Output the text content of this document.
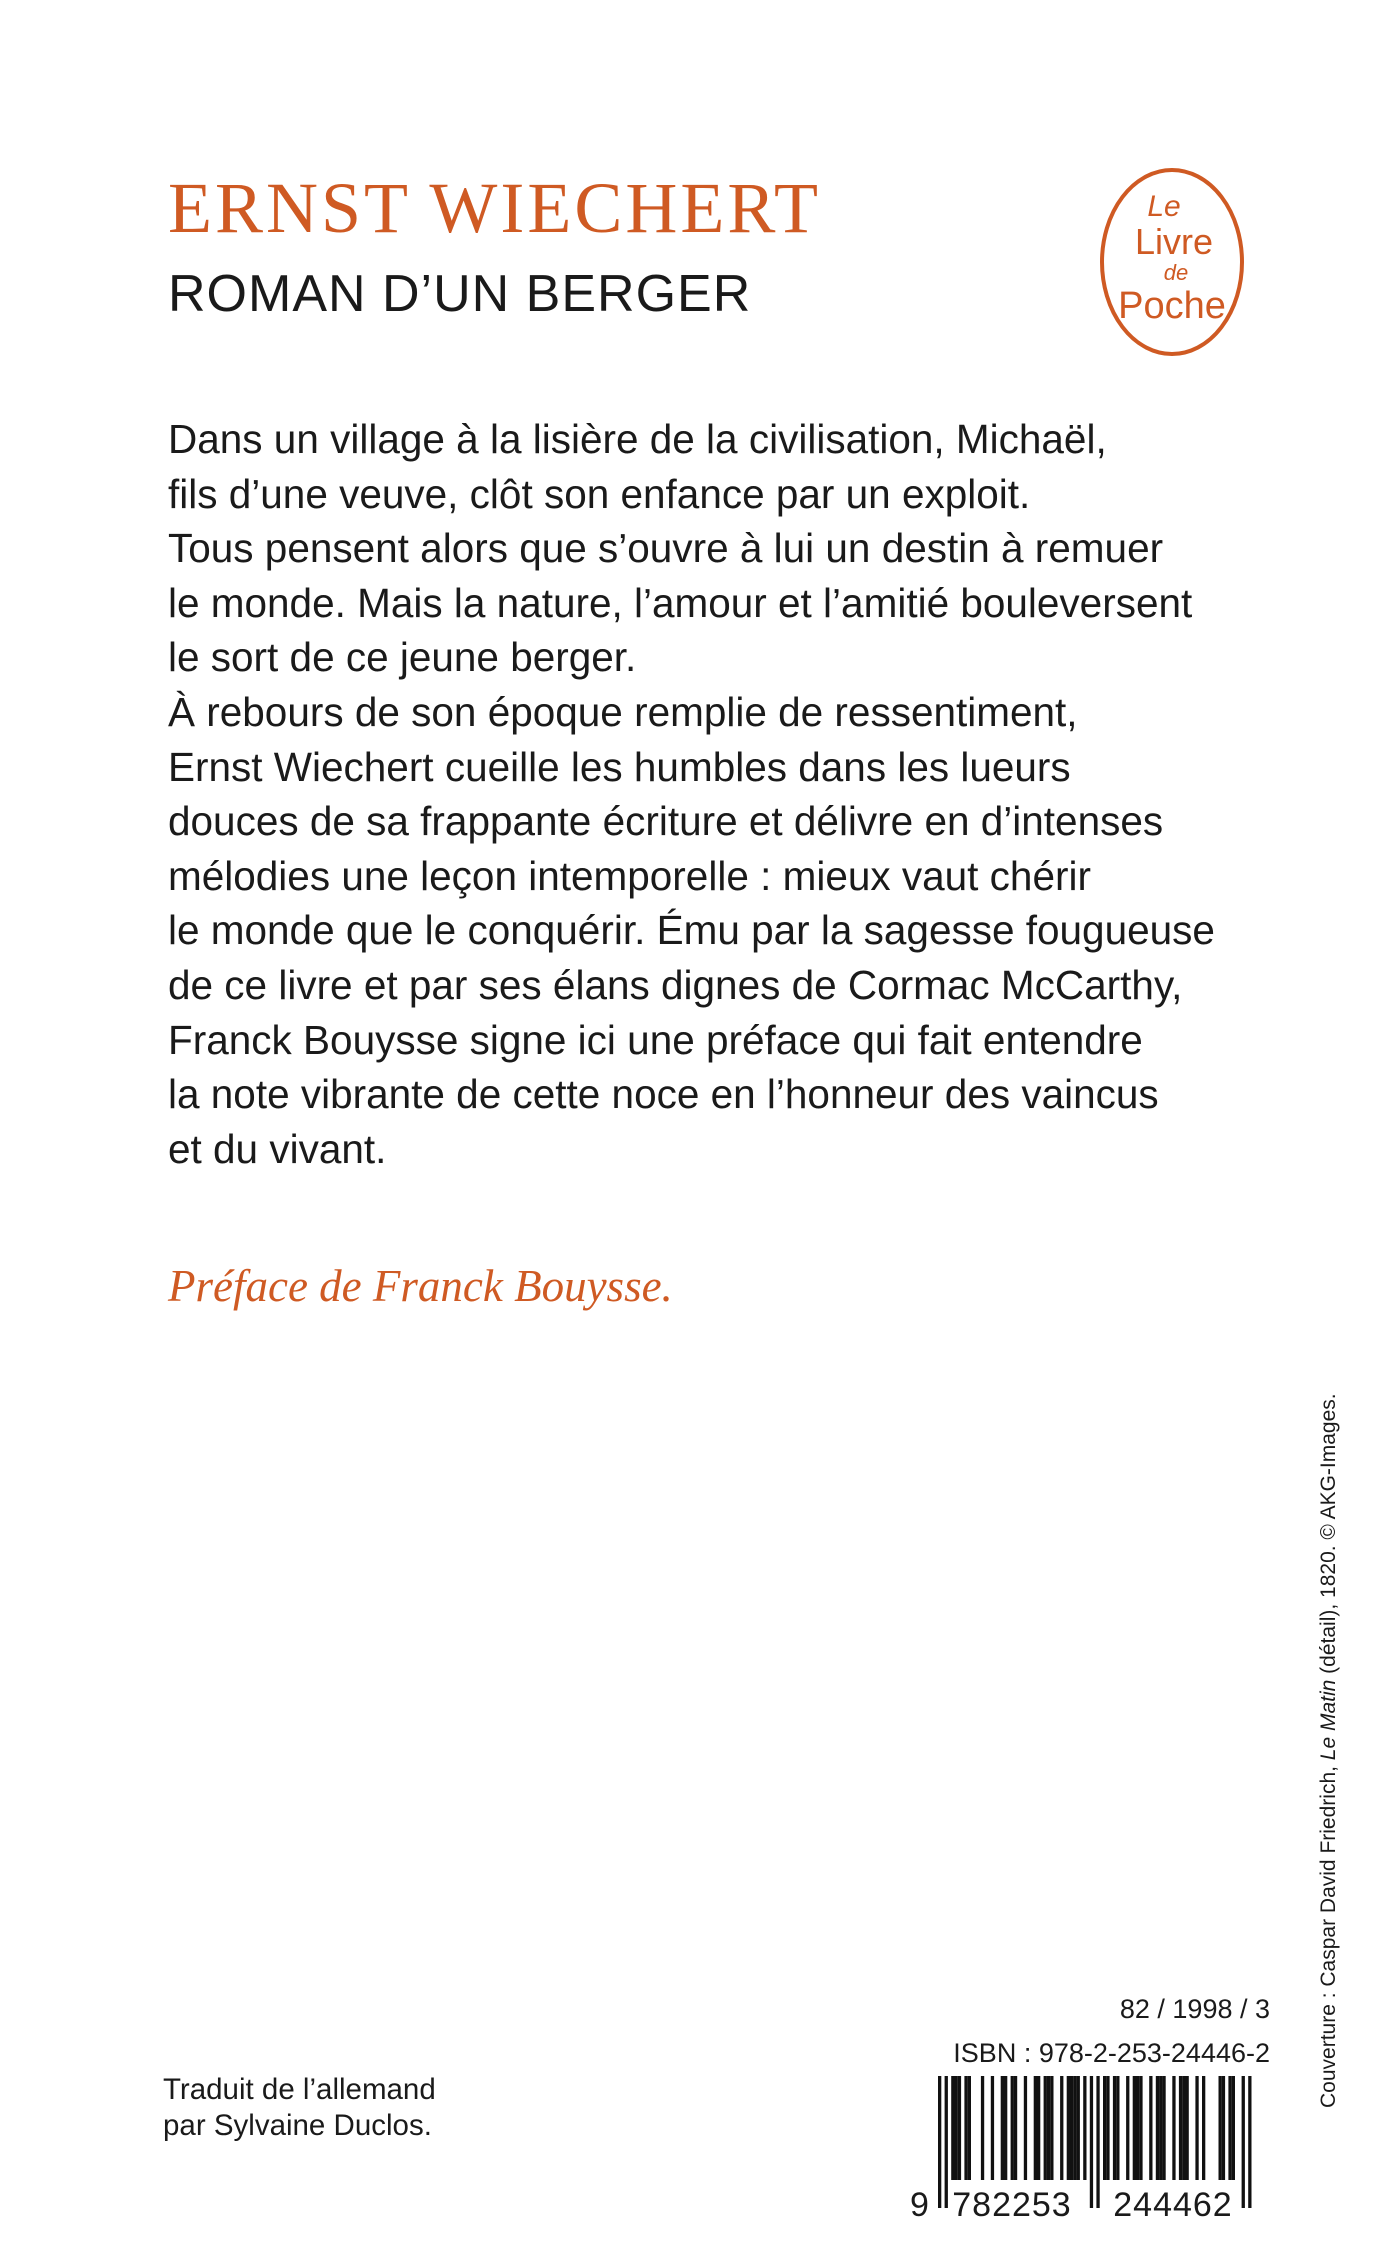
ERNST WIECHERT
ROMAN D’UN BERGER
Le
Livre
de
Poche
Dans un village à la lisière de la civilisation, Michaël,
fils d’une veuve, clôt son enfance par un exploit.
Tous pensent alors que s’ouvre à lui un destin à remuer
le monde. Mais la nature, l’amour et l’amitié bouleversent
le sort de ce jeune berger.
À rebours de son époque remplie de ressentiment,
Ernst Wiechert cueille les humbles dans les lueurs
douces de sa frappante écriture et délivre en d’intenses
mélodies une leçon intemporelle : mieux vaut chérir
le monde que le conquérir. Ému par la sagesse fougueuse
de ce livre et par ses élans dignes de Cormac McCarthy,
Franck Bouysse signe ici une préface qui fait entendre
la note vibrante de cette noce en l’honneur des vaincus
et du vivant.
Préface de Franck Bouysse.
Couverture : Caspar David Friedrich, Le Matin (détail), 1820. © AKG-Images.
82 / 1998 / 3
ISBN : 978-2-253-24446-2
Traduit de l’allemand
par Sylvaine Duclos.
9 782253 244462
